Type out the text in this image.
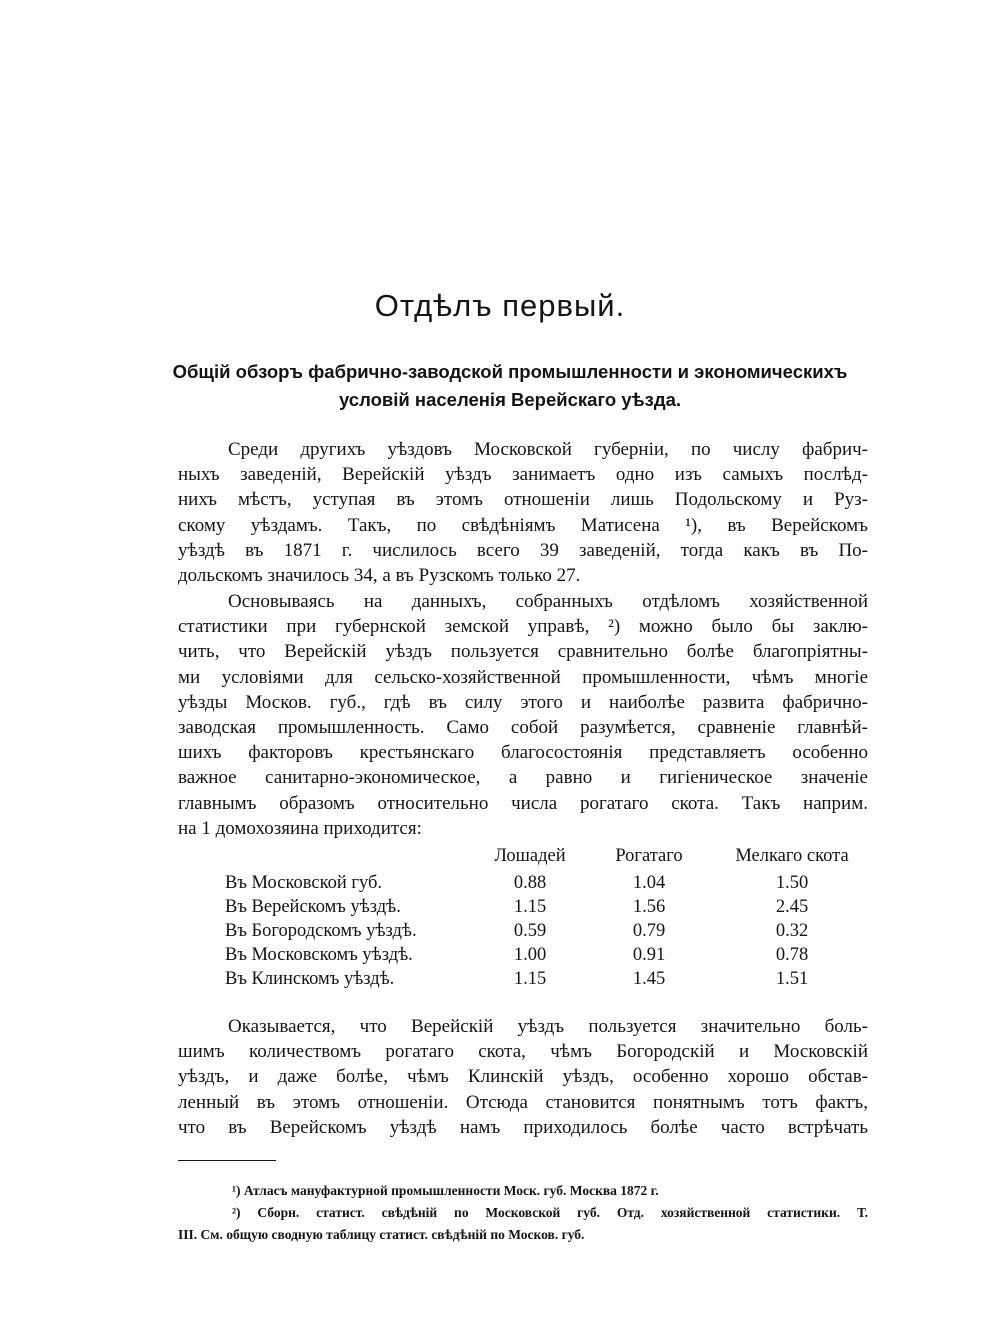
Отдѣлъ первый.
Общій обзоръ фабрично-заводской промышленности и экономическихъ
условій населенія Верейскаго уѣзда.

Среди другихъ уѣздовъ Московской губерніи, по числу фабрич-
ныхъ заведеній, Верейскій уѣздъ занимаетъ одно изъ самыхъ послѣд-
нихъ мѣстъ, уступая въ этомъ отношеніи лишь Подольскому и Руз-
скому уѣздамъ. Такъ, по свѣдѣніямъ Матисена ¹), въ Верейскомъ
уѣздѣ въ 1871 г. числилось всего 39 заведеній, тогда какъ въ По-
дольскомъ значилось 34, а въ Рузскомъ только 27.

Основываясь на данныхъ, собранныхъ отдѣломъ хозяйственной
статистики при губернской земской управѣ, ²) можно было бы заклю-
чить, что Верейскій уѣздъ пользуется сравнительно болѣе благопріятны-
ми условіями для сельско-хозяйственной промышленности, чѣмъ многіе
уѣзды Москов. губ., гдѣ въ силу этого и наиболѣе развита фабрично-
заводская промышленность. Само собой разумѣется, сравненіе главнѣй-
шихъ факторовъ крестьянскаго благосостоянія представляетъ особенно
важное санитарно-экономическое, а равно и гигіеническое значеніе
главнымъ образомъ относительно числа рогатаго скота. Такъ наприм.
на 1 домохозяина приходится:

	Лошадей	Рогатаго	Мелкаго скота
Въ Московской губ.	0.88	1.04	1.50
Въ Верейскомъ уѣздѣ.	1.15	1.56	2.45
Въ Богородскомъ уѣздѣ.	0.59	0.79	0.32
Въ Московскомъ уѣздѣ.	1.00	0.91	0.78
Въ Клинскомъ уѣздѣ.	1.15	1.45	1.51

Оказывается, что Верейскій уѣздъ пользуется значительно боль-
шимъ количествомъ рогатаго скота, чѣмъ Богородскій и Московскій
уѣздъ, и даже болѣе, чѣмъ Клинскій уѣздъ, особенно хорошо обстав-
ленный въ этомъ отношеніи. Отсюда становится понятнымъ тотъ фактъ,
что въ Верейскомъ уѣздѣ намъ приходилось болѣе часто встрѣчать

¹) Атласъ мануфактурной промышленности Моск. губ. Москва 1872 г.
²) Сборн. статист. свѣдѣній по Московской губ. Отд. хозяйственной статистики. Т.
III. См. общую сводную таблицу статист. свѣдѣній по Москов. губ.
